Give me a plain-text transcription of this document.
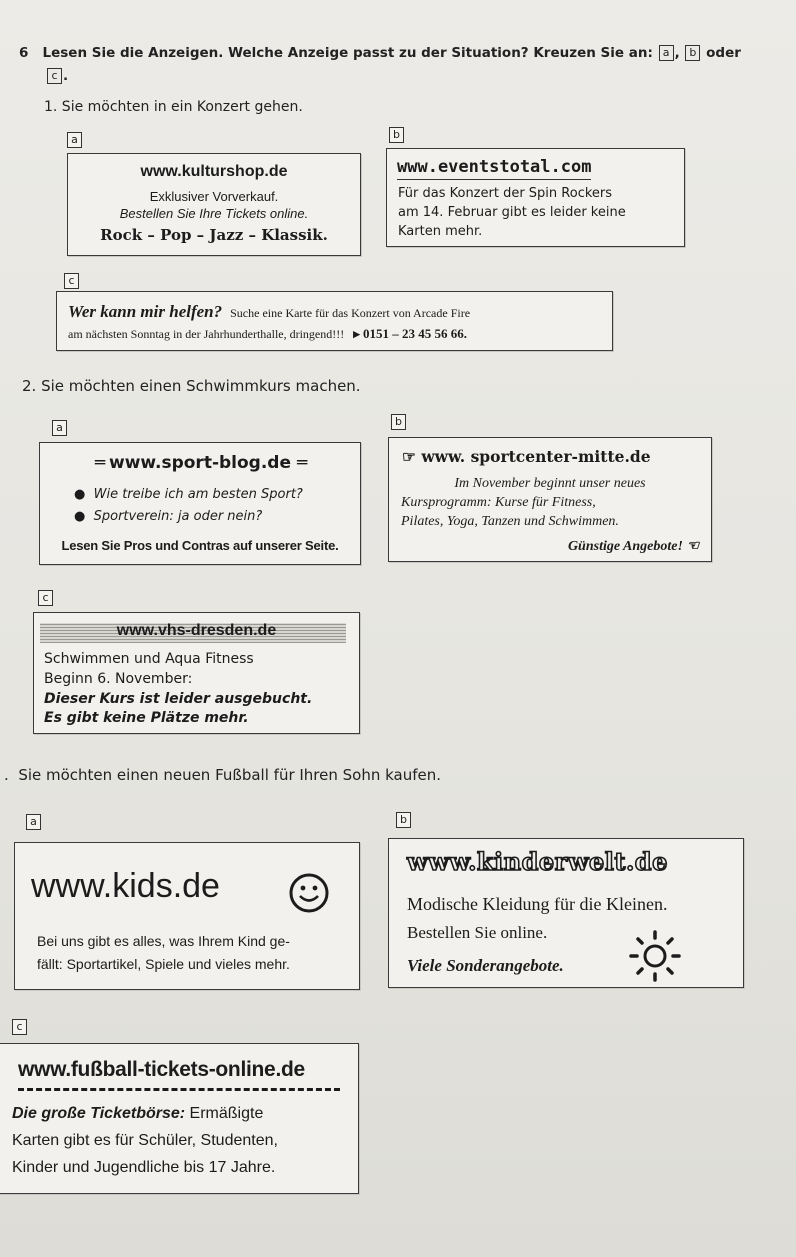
6 Lesen Sie die Anzeigen. Welche Anzeige passt zu der Situation? Kreuzen Sie an: a , b oder
c .
1. Sie möchten in ein Konzert gehen.
a	b
www.kulturshop.de
Exklusiver Vorverkauf.
Bestellen Sie Ihre Tickets online.
Rock – Pop – Jazz – Klassik.
www.eventstotal.com
Für das Konzert der Spin Rockers
am 14. Februar gibt es leider keine
Karten mehr.
c
Wer kann mir helfen? Suche eine Karte für das Konzert von Arcade Fire
am nächsten Sonntag in der Jahrhunderthalle, dringend!!! ▸ 0151 – 23 45 56 66.
2. Sie möchten einen Schwimmkurs machen.
a	b
═ www.sport-blog.de ═
●  Wie treibe ich am besten Sport?
●  Sportverein: ja oder nein?
Lesen Sie Pros und Contras auf unserer Seite.
☞ www. sportcenter-mitte.de
Im November beginnt unser neues
Kursprogramm: Kurse für Fitness,
Pilates, Yoga, Tanzen und Schwimmen.
Günstige Angebote! ☜
c
www.vhs-dresden.de
Schwimmen und Aqua Fitness
Beginn 6. November:
Dieser Kurs ist leider ausgebucht.
Es gibt keine Plätze mehr.
.  Sie möchten einen neuen Fußball für Ihren Sohn kaufen.
a	b
www.kids.de
Bei uns gibt es alles, was Ihrem Kind ge-
fällt: Sportartikel, Spiele und vieles mehr.
www.kinderwelt.de
Modische Kleidung für die Kleinen.
Bestellen Sie online.
Viele Sonderangebote.
c
www.fußball-tickets-online.de
Die große Ticketbörse: Ermäßigte
Karten gibt es für Schüler, Studenten,
Kinder und Jugendliche bis 17 Jahre.
